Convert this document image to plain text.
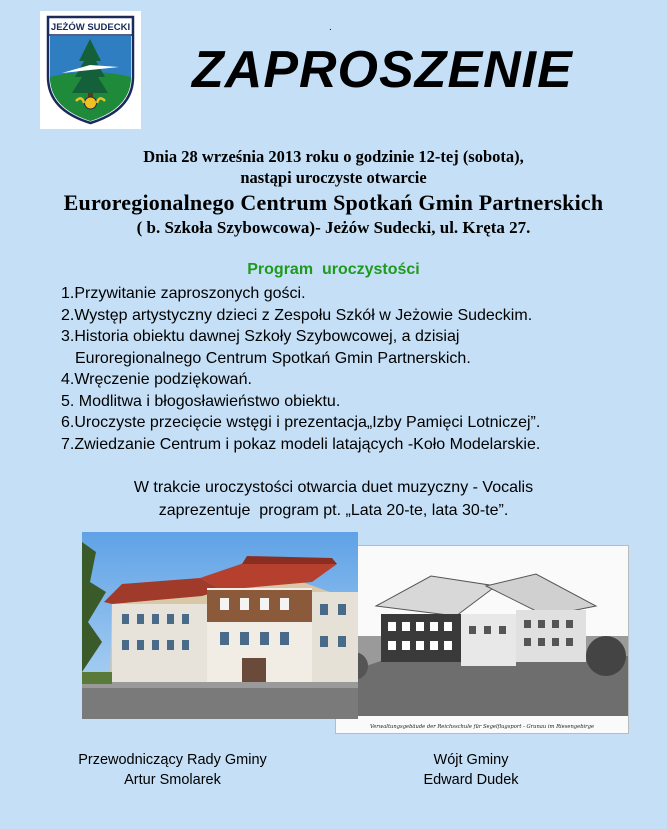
JEŻÓW SUDECKI	.
ZAPROSZENIE
Dnia 28 września 2013 roku o godzinie 12-tej (sobota),
nastąpi uroczyste otwarcie
Euroregionalnego Centrum Spotkań Gmin Partnerskich
( b. Szkoła Szybowcowa)- Jeżów Sudecki, ul. Kręta 27.
Program  uroczystości
1.Przywitanie zaproszonych gości.
2.Występ artystyczny dzieci z Zespołu Szkół w Jeżowie Sudeckim.
3.Historia obiektu dawnej Szkoły Szybowcowej, a dzisiaj
Euroregionalnego Centrum Spotkań Gmin Partnerskich.
4.Wręczenie podziękowań.
5. Modlitwa i błogosławieństwo obiektu.
6.Uroczyste przecięcie wstęgi i prezentacja„Izby Pamięci Lotniczej”.
7.Zwiedzanie Centrum i pokaz modeli latających -Koło Modelarskie.
W trakcie uroczystości otwarcia duet muzyczny - Vocalis
zaprezentuje  program pt. „Lata 20-te, lata 30-te”.
Verwaltungsgebäude der Reichsschule für Segelflugsport - Grunau im Riesengebirge
Przewodniczący Rady Gminy
Artur Smolarek
Wójt Gminy
Edward Dudek
